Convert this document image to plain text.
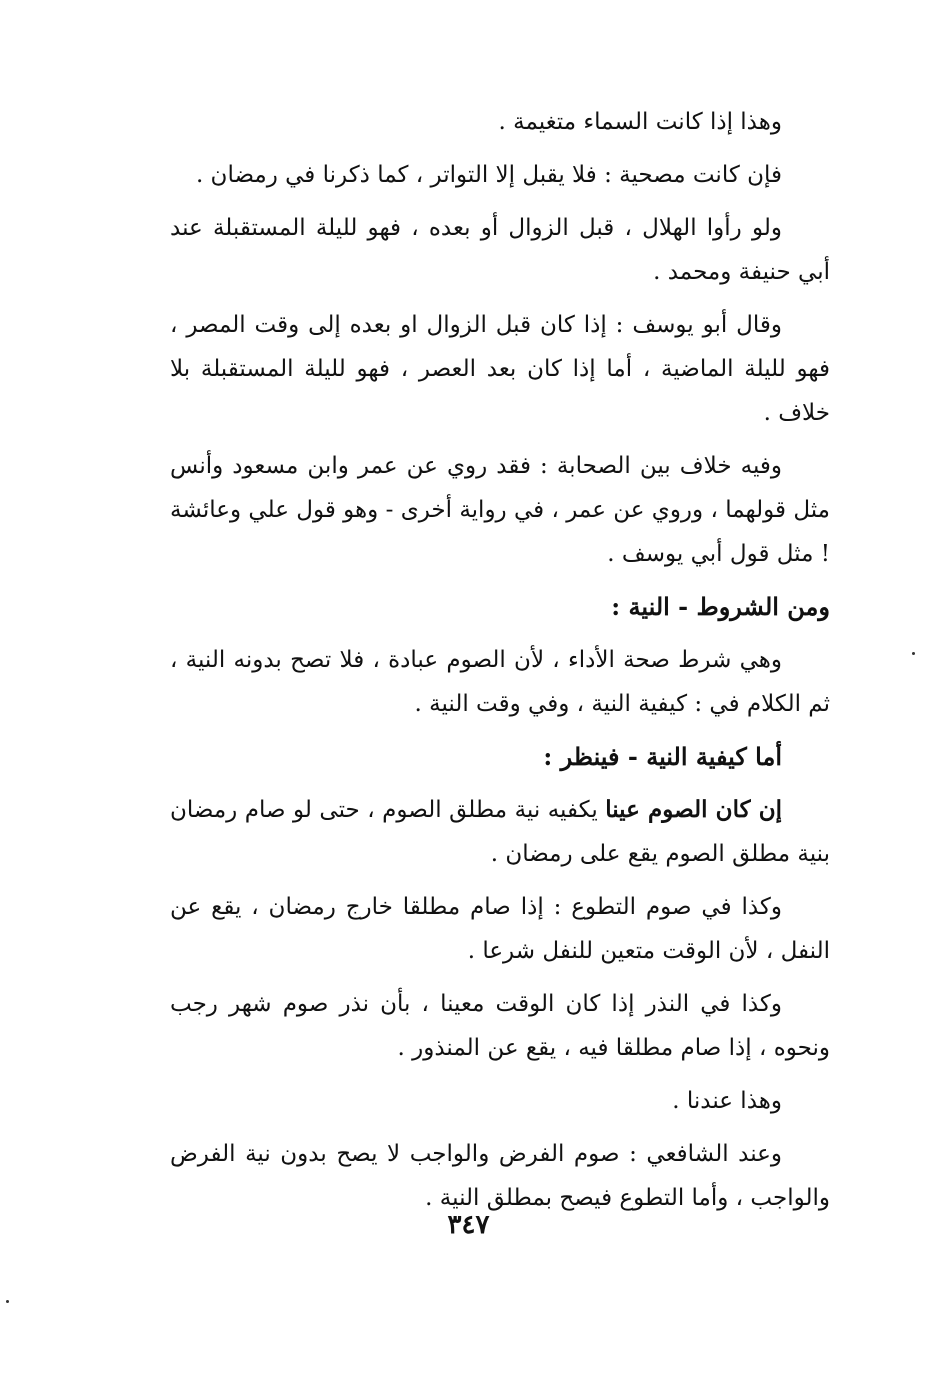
وهذا إذا كانت السماء متغيمة .

فإن كانت مصحية : فلا يقبل إلا التواتر ، كما ذكرنا في رمضان .

ولو رأوا الهلال ، قبل الزوال أو بعده ، فهو لليلة المستقبلة عند أبي حنيفة ومحمد .

وقال أبو يوسف : إذا كان قبل الزوال او بعده إلى وقت المصر ، فهو لليلة الماضية ، أما إذا كان بعد العصر ، فهو لليلة المستقبلة بلا خلاف .

وفيه خلاف بين الصحابة : فقد روي عن عمر وابن مسعود وأنس مثل قولهما ، وروي عن عمر ، في رواية أخرى - وهو قول علي وعائشة ! مثل قول أبي يوسف .

ومن الشروط - النية :

وهي شرط صحة الأداء ، لأن الصوم عبادة ، فلا تصح بدونه النية ، ثم الكلام في : كيفية النية ، وفي وقت النية .

أما كيفية النية - فينظر :

إن كان الصوم عينا يكفيه نية مطلق الصوم ، حتى لو صام رمضان بنية مطلق الصوم يقع على رمضان .

وكذا في صوم التطوع : إذا صام مطلقا خارج رمضان ، يقع عن النفل ، لأن الوقت متعين للنفل شرعا .

وكذا في النذر إذا كان الوقت معينا ، بأن نذر صوم شهر رجب ونحوه ، إذا صام مطلقا فيه ، يقع عن المنذور .

وهذا عندنا .

وعند الشافعي : صوم الفرض والواجب لا يصح بدون نية الفرض والواجب ، وأما التطوع فيصح بمطلق النية .

٣٤٧
